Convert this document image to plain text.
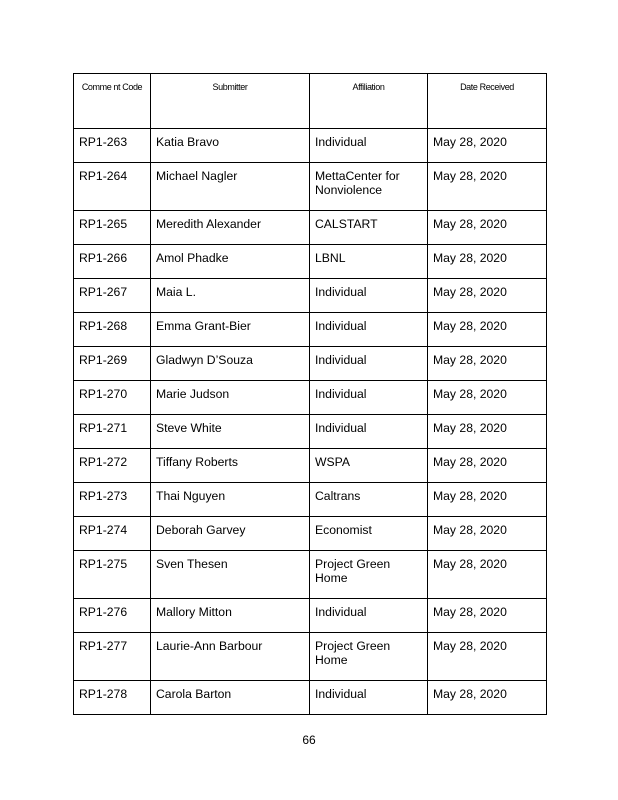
Comme nt Code	Submitter	Affiliation	Date Received
RP1-263	Katia Bravo	Individual	May 28, 2020
RP1-264	Michael Nagler	MettaCenter for Nonviolence	May 28, 2020
RP1-265	Meredith Alexander	CALSTART	May 28, 2020
RP1-266	Amol Phadke	LBNL	May 28, 2020
RP1-267	Maia L.	Individual	May 28, 2020
RP1-268	Emma Grant-Bier	Individual	May 28, 2020
RP1-269	Gladwyn D’Souza	Individual	May 28, 2020
RP1-270	Marie Judson	Individual	May 28, 2020
RP1-271	Steve White	Individual	May 28, 2020
RP1-272	Tiffany Roberts	WSPA	May 28, 2020
RP1-273	Thai Nguyen	Caltrans	May 28, 2020
RP1-274	Deborah Garvey	Economist	May 28, 2020
RP1-275	Sven Thesen	Project Green Home	May 28, 2020
RP1-276	Mallory Mitton	Individual	May 28, 2020
RP1-277	Laurie-Ann Barbour	Project Green Home	May 28, 2020
RP1-278	Carola Barton	Individual	May 28, 2020
66
